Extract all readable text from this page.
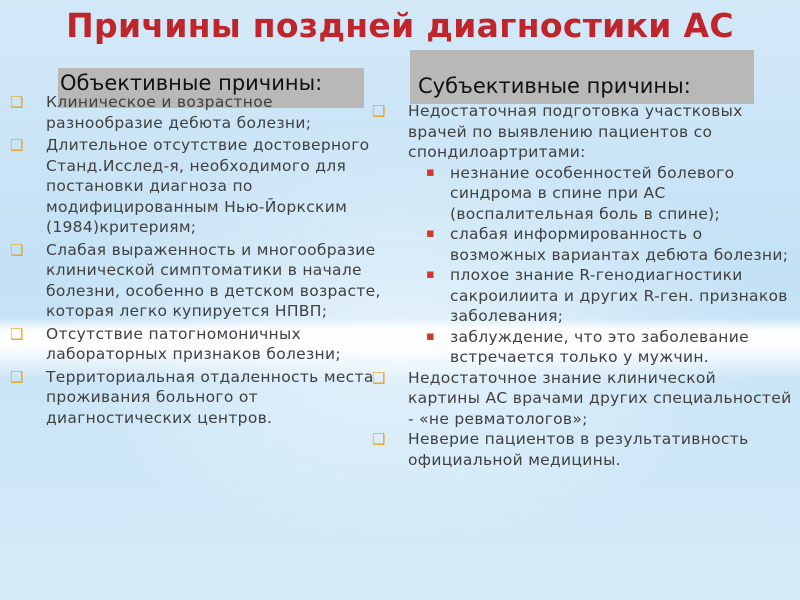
Причины поздней диагностики АС
Объективные причины:	Субъективные причины:
❑ Клиническое и возрастное разнообразие дебюта болезни;
❑ Длительное отсутствие достоверного Станд.Исслед-я, необходимого для постановки диагноза по модифицированным Нью-Йоркским (1984)критериям;
❑ Слабая выраженность и многообразие клинической симптоматики в начале болезни, особенно в детском возрасте, которая легко купируется НПВП;
❑ Отсутствие патогномоничных лабораторных признаков болезни;
❑ Территориальная отдаленность места проживания больного от диагностических центров.
❑ Недостаточная подготовка участковых врачей по выявлению пациентов со спондилоартритами:
▪ незнание особенностей болевого синдрома в спине при АС (воспалительная боль в спине);
▪ слабая информированность о возможных вариантах дебюта болезни;
▪ плохое знание R-генодиагностики сакроилиита и других R-ген. признаков заболевания;
▪ заблуждение, что это заболевание встречается только у мужчин.
❑ Недостаточное знание клинической картины АС врачами других специальностей - «не ревматологов»;
❑ Неверие пациентов в результативность официальной медицины.
